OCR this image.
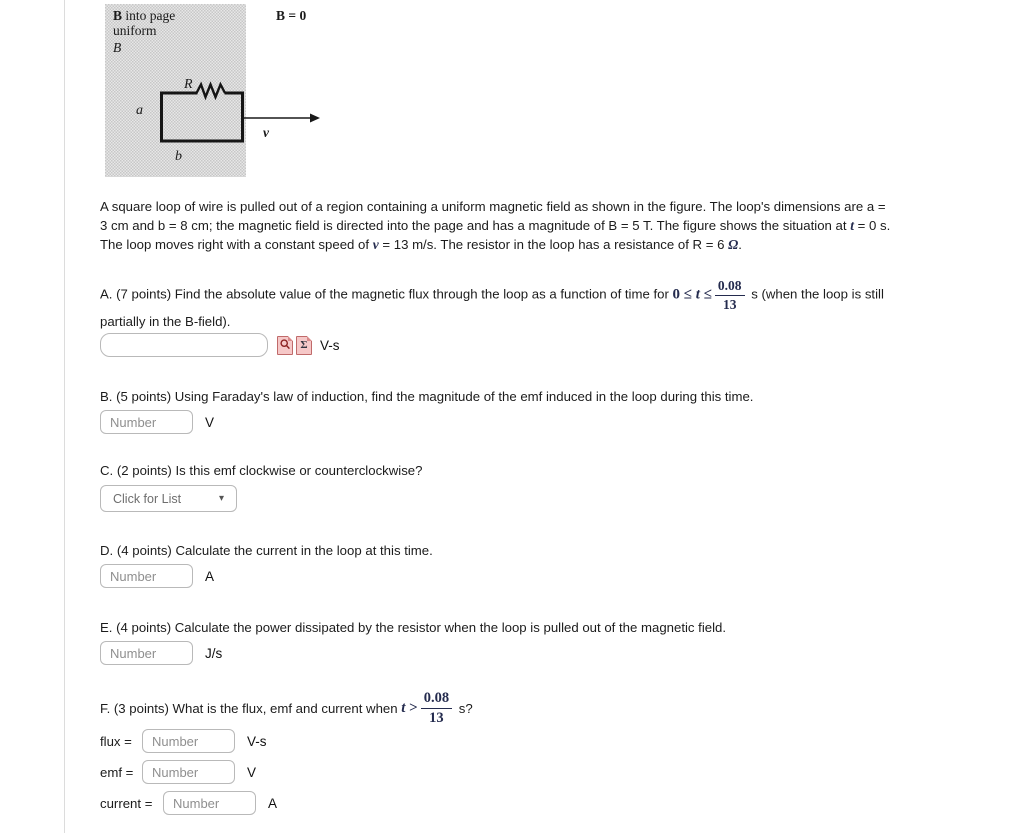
B into page
uniform
B
B = 0
R
a
b
v
A square loop of wire is pulled out of a region containing a uniform magnetic field as shown in the figure. The loop's dimensions are a = 3 cm and b = 8 cm; the magnetic field is directed into the page and has a magnitude of B = 5 T. The figure shows the situation at t = 0 s. The loop moves right with a constant speed of v = 13 m/s. The resistor in the loop has a resistance of R = 6 Ω.
A. (7 points) Find the absolute value of the magnetic flux through the loop as a function of time for $0 \le t \le \frac{0.08}{13}$ s (when the loop is still partially in the B-field).
Σ V-s
B. (5 points) Using Faraday's law of induction, find the magnitude of the emf induced in the loop during this time.
Number
V
C. (2 points) Is this emf clockwise or counterclockwise?
Click for List	▾
D. (4 points) Calculate the current in the loop at this time.
Number
A
E. (4 points) Calculate the power dissipated by the resistor when the loop is pulled out of the magnetic field.
Number
J/s
F. (3 points) What is the flux, emf and current when $t > \frac{0.08}{13} s$?
flux =
Number	V-s
emf =
Number	V
current =
Number	A
